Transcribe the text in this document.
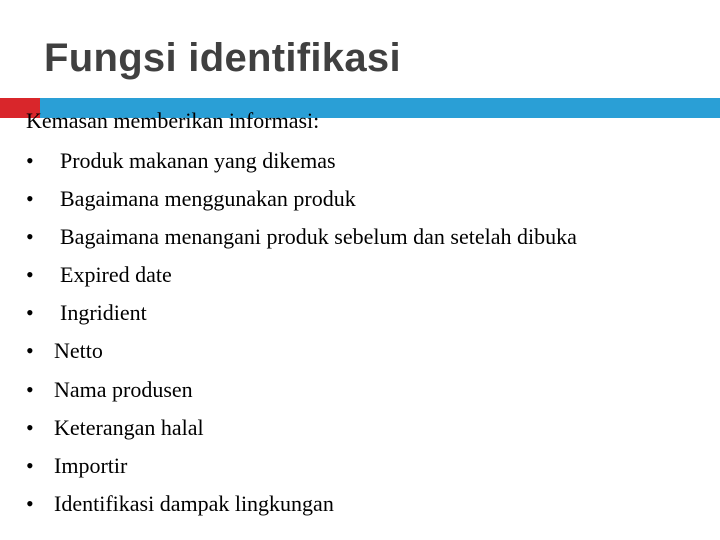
Fungsi identifikasi
Kemasan memberikan informasi:
•	Produk makanan yang dikemas
•	Bagaimana menggunakan produk
•	Bagaimana menangani produk sebelum dan setelah dibuka
•	Expired date
•	Ingridient
• Netto
• Nama produsen
• Keterangan halal
• Importir
• Identifikasi dampak lingkungan
